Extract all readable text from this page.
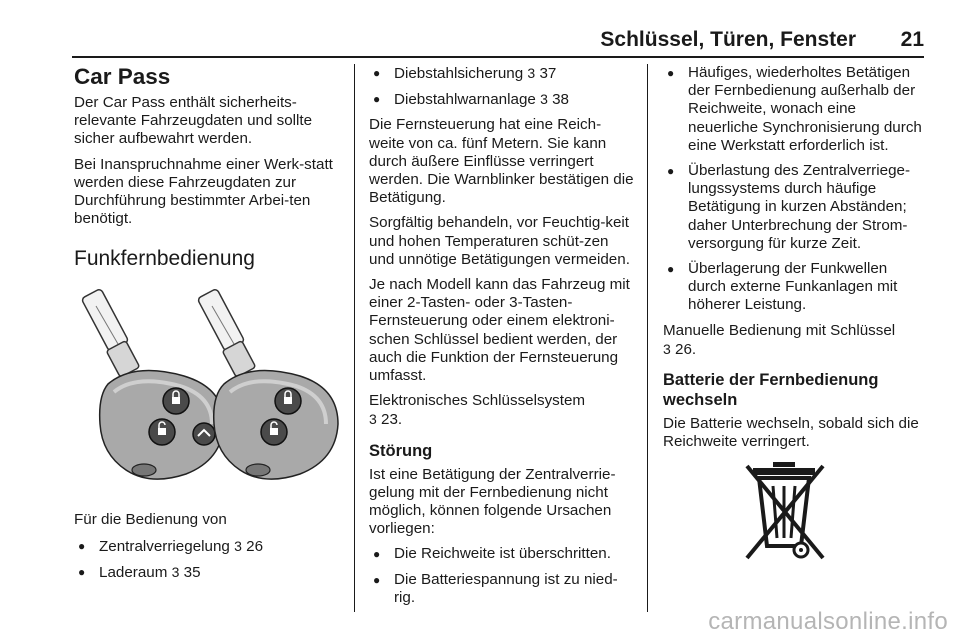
Schlüssel, Türen, Fenster 21
Car Pass

Der Car Pass enthält sicherheits-relevante Fahrzeugdaten und sollte sicher aufbewahrt werden.

Bei Inanspruchnahme einer Werk-statt werden diese Fahrzeugdaten zur Durchführung bestimmter Arbei-ten benötigt.

Funkfernbedienung

Für die Bedienung von

● Zentralverriegelung 3 26
● Laderaum 3 35
● Diebstahlsicherung 3 37
● Diebstahlwarnanlage 3 38

Die Fernsteuerung hat eine Reich-weite von ca. fünf Metern. Sie kann durch äußere Einflüsse verringert werden. Die Warnblinker bestätigen die Betätigung.

Sorgfältig behandeln, vor Feuchtig-keit und hohen Temperaturen schüt-zen und unnötige Betätigungen vermeiden.

Je nach Modell kann das Fahrzeug mit einer 2-Tasten- oder 3-Tasten-Fernsteuerung oder einem elektroni-schen Schlüssel bedient werden, der auch die Funktion der Fernsteuerung umfasst.

Elektronisches Schlüsselsystem
3 23.

Störung

Ist eine Betätigung der Zentralverrie-gelung mit der Fernbedienung nicht möglich, können folgende Ursachen vorliegen:

● Die Reichweite ist überschritten.
● Die Batteriespannung ist zu nied-rig.
● Häufiges, wiederholtes Betätigen der Fernbedienung außerhalb der Reichweite, wonach eine neuerliche Synchronisierung durch eine Werkstatt erforderlich ist.
● Überlastung des Zentralverriege-lungssystems durch häufige Betätigung in kurzen Abständen; daher Unterbrechung der Strom-versorgung für kurze Zeit.
● Überlagerung der Funkwellen durch externe Funkanlagen mit höherer Leistung.

Manuelle Bedienung mit Schlüssel
3 26.

Batterie der Fernbedienung wechseln

Die Batterie wechseln, sobald sich die Reichweite verringert.

carmanualsonline.info
